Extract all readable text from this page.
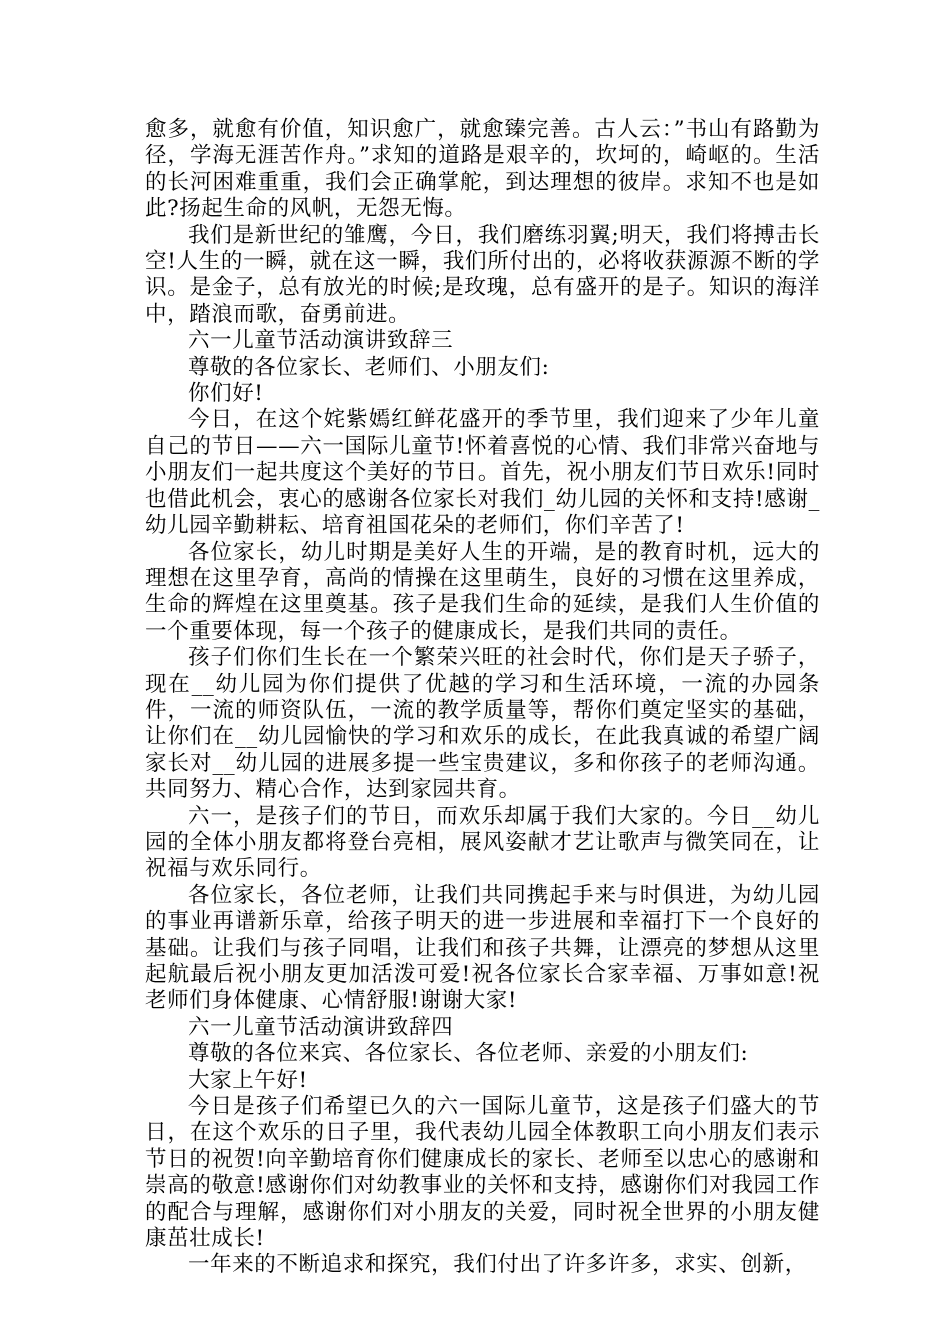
愈多，就愈有价值，知识愈广，就愈臻完善。古人云：”书山有路勤为径，学海无涯苦作舟。”求知的道路是艰辛的，坎坷的，崎岖的。生活的长河困难重重，我们会正确掌舵，到达理想的彼岸。求知不也是如此?扬起生命的风帆，无怨无悔。

我们是新世纪的雏鹰，今日，我们磨练羽翼;明天，我们将搏击长空!人生的一瞬，就在这一瞬，我们所付出的，必将收获源源不断的学识。是金子，总有放光的时候;是玫瑰，总有盛开的是子。知识的海洋中，踏浪而歌，奋勇前进。

六一儿童节活动演讲致辞三

尊敬的各位家长、老师们、小朋友们:

你们好!

今日，在这个姹紫嫣红鲜花盛开的季节里，我们迎来了少年儿童自己的节日——六一国际儿童节!怀着喜悦的心情、我们非常兴奋地与小朋友们一起共度这个美好的节日。首先，祝小朋友们节日欢乐!同时也借此机会，衷心的感谢各位家长对我们_幼儿园的关怀和支持!感谢_幼儿园辛勤耕耘、培育祖国花朵的老师们，你们辛苦了!

各位家长，幼儿时期是美好人生的开端，是的教育时机，远大的理想在这里孕育，高尚的情操在这里萌生，良好的习惯在这里养成，生命的辉煌在这里奠基。孩子是我们生命的延续，是我们人生价值的一个重要体现，每一个孩子的健康成长，是我们共同的责任。

孩子们你们生长在一个繁荣兴旺的社会时代，你们是天子骄子，现在__幼儿园为你们提供了优越的学习和生活环境，一流的办园条件，一流的师资队伍，一流的教学质量等，帮你们奠定坚实的基础，让你们在__幼儿园愉快的学习和欢乐的成长，在此我真诚的希望广阔家长对__幼儿园的进展多提一些宝贵建议，多和你孩子的老师沟通。共同努力、精心合作，达到家园共育。

六一，是孩子们的节日，而欢乐却属于我们大家的。今日__幼儿园的全体小朋友都将登台亮相，展风姿献才艺让歌声与微笑同在，让祝福与欢乐同行。

各位家长，各位老师，让我们共同携起手来与时俱进，为幼儿园的事业再谱新乐章，给孩子明天的进一步进展和幸福打下一个良好的基础。让我们与孩子同唱，让我们和孩子共舞，让漂亮的梦想从这里起航最后祝小朋友更加活泼可爱!祝各位家长合家幸福、万事如意!祝老师们身体健康、心情舒服!谢谢大家!

六一儿童节活动演讲致辞四

尊敬的各位来宾、各位家长、各位老师、亲爱的小朋友们:

大家上午好!

今日是孩子们希望已久的六一国际儿童节，这是孩子们盛大的节日，在这个欢乐的日子里，我代表幼儿园全体教职工向小朋友们表示节日的祝贺!向辛勤培育你们健康成长的家长、老师至以忠心的感谢和崇高的敬意!感谢你们对幼教事业的关怀和支持，感谢你们对我园工作的配合与理解，感谢你们对小朋友的关爱，同时祝全世界的小朋友健康茁壮成长!

一年来的不断追求和探究，我们付出了许多许多，求实、创新，
